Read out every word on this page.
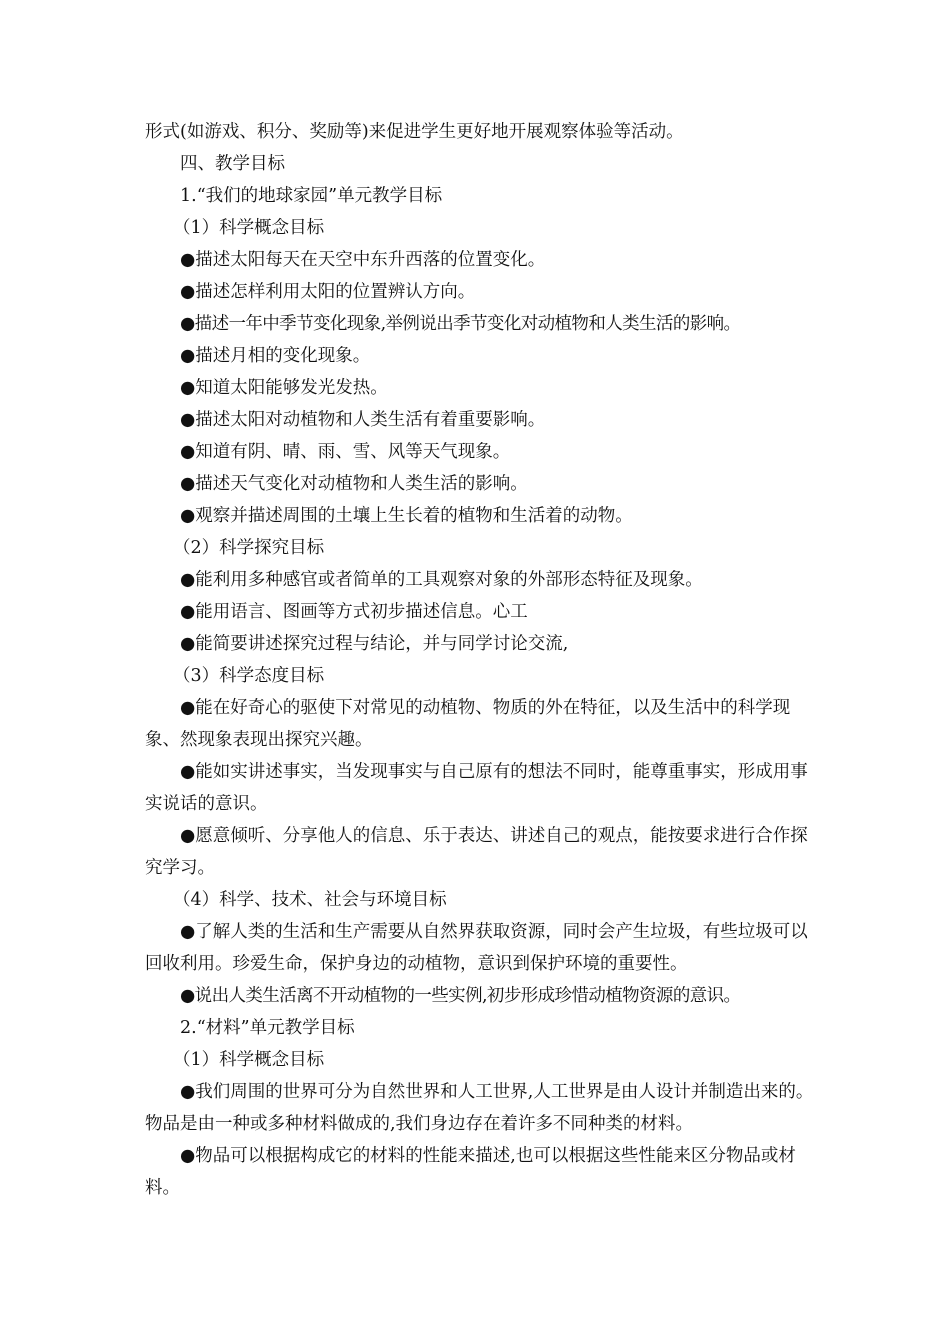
形式(如游戏、积分、奖励等)来促进学生更好地开展观察体验等活动。

四、教学目标

1.“我们的地球家园”单元教学目标

（1）科学概念目标

●描述太阳每天在天空中东升西落的位置变化。

●描述怎样利用太阳的位置辨认方向。

●描述一年中季节变化现象,举例说出季节变化对动植物和人类生活的影响。

●描述月相的变化现象。

●知道太阳能够发光发热。

●描述太阳对动植物和人类生活有着重要影响。

●知道有阴、晴、雨、雪、风等天气现象。

●描述天气变化对动植物和人类生活的影响。

●观察并描述周围的土壤上生长着的植物和生活着的动物。

（2）科学探究目标

●能利用多种感官或者简单的工具观察对象的外部形态特征及现象。

●能用语言、图画等方式初步描述信息。心工

●能简要讲述探究过程与结论，并与同学讨论交流,

（3）科学态度目标

●能在好奇心的驱使下对常见的动植物、物质的外在特征，以及生活中的科学现象、然现象表现出探究兴趣。

●能如实讲述事实，当发现事实与自己原有的想法不同时，能尊重事实，形成用事实说话的意识。

●愿意倾听、分享他人的信息、乐于表达、讲述自己的观点，能按要求进行合作探究学习。

（4）科学、技术、社会与环境目标

●了解人类的生活和生产需要从自然界获取资源，同时会产生垃圾，有些垃圾可以回收利用。珍爱生命，保护身边的动植物，意识到保护环境的重要性。

●说出人类生活离不开动植物的一些实例,初步形成珍惜动植物资源的意识。

2.“材料”单元教学目标

（1）科学概念目标

●我们周围的世界可分为自然世界和人工世界,人工世界是由人设计并制造出来的。物品是由一种或多种材料做成的,我们身边存在着许多不同种类的材料。

●物品可以根据构成它的材料的性能来描述,也可以根据这些性能来区分物品或材料。
